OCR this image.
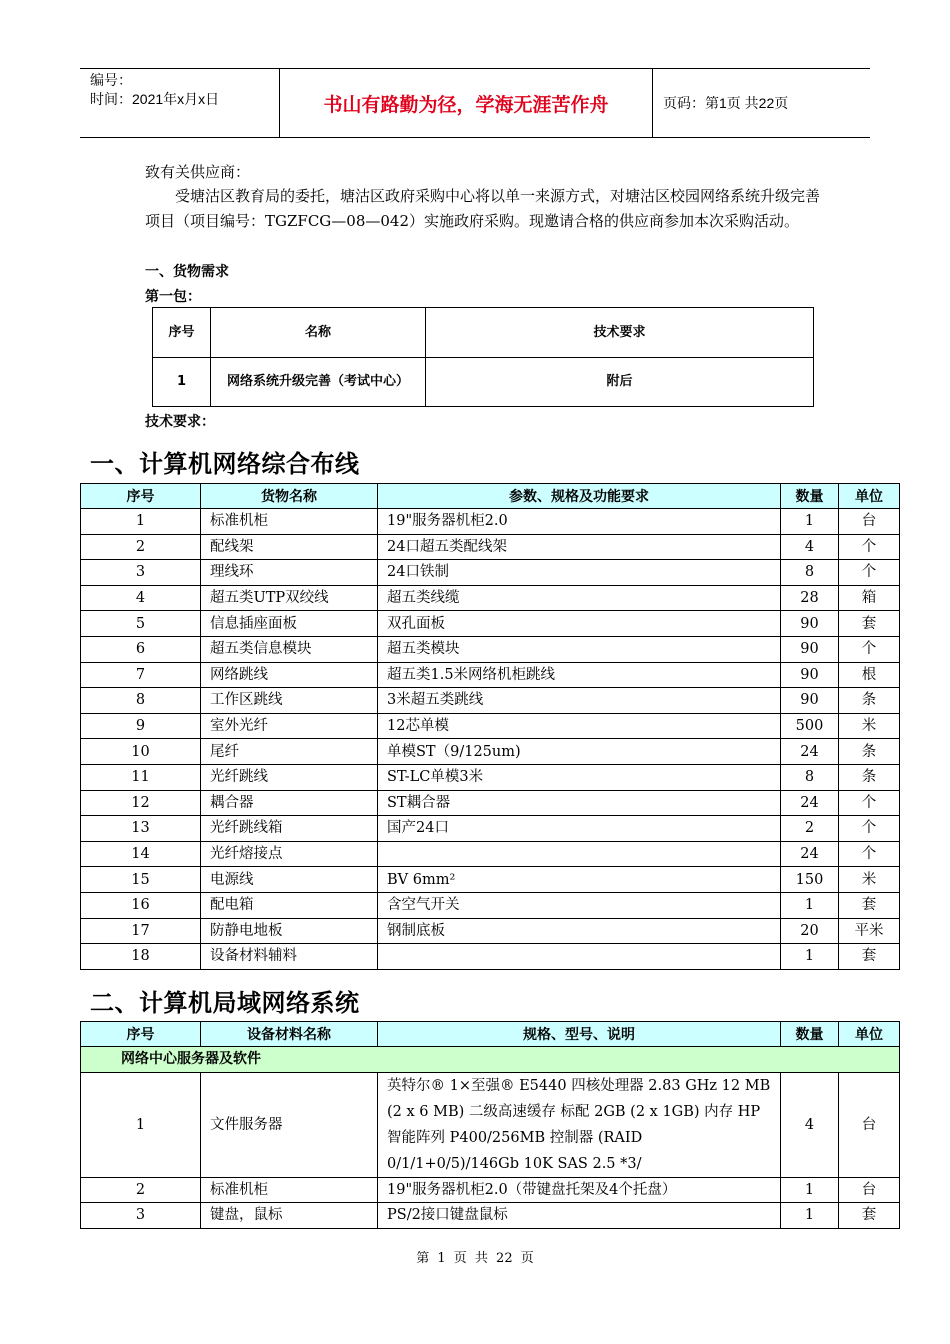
编号：
时间：2021年x月x日	书山有路勤为径，学海无涯苦作舟	页码：第1页 共22页
致有关供应商：
受塘沽区教育局的委托，塘沽区政府采购中心将以单一来源方式，对塘沽区校园网络系统升级完善项目（项目编号：TGZFCG—08—042）实施政府采购。现邀请合格的供应商参加本次采购活动。
一、货物需求
第一包：
序号	名称	技术要求
1	网络系统升级完善（考试中心）	附后
技术要求：
一、计算机网络综合布线
序号	货物名称	参数、规格及功能要求	数量	单位
1	标准机柜	19"服务器机柜2.0	1	台
2	配线架	24口超五类配线架	4	个
3	理线环	24口铁制	8	个
4	超五类UTP双绞线	超五类线缆	28	箱
5	信息插座面板	双孔面板	90	套
6	超五类信息模块	超五类模块	90	个
7	网络跳线	超五类1.5米网络机柜跳线	90	根
8	工作区跳线	3米超五类跳线	90	条
9	室外光纤	12芯单模	500	米
10	尾纤	单模ST（9/125um)	24	条
11	光纤跳线	ST-LC单模3米	8	条
12	耦合器	ST耦合器	24	个
13	光纤跳线箱	国产24口	2	个
14	光纤熔接点		24	个
15	电源线	BV 6mm²	150	米
16	配电箱	含空气开关	1	套
17	防静电地板	钢制底板	20	平米
18	设备材料辅料		1	套
二、计算机局域网络系统
序号	设备材料名称	规格、型号、说明	数量	单位
网络中心服务器及软件				
1	文件服务器	英特尔® 1×至强® E5440 四核处理器 2.83 GHz 12 MB (2 x 6 MB) 二级高速缓存 标配 2GB (2 x 1GB) 内存 HP智能阵列 P400/256MB 控制器 (RAID 0/1/1+0/5)/146Gb 10K SAS 2.5 *3/	4	台
2	标准机柜	19"服务器机柜2.0（带键盘托架及4个托盘）	1	台
3	键盘，鼠标	PS/2接口键盘鼠标	1	套
第 1 页 共 22 页
